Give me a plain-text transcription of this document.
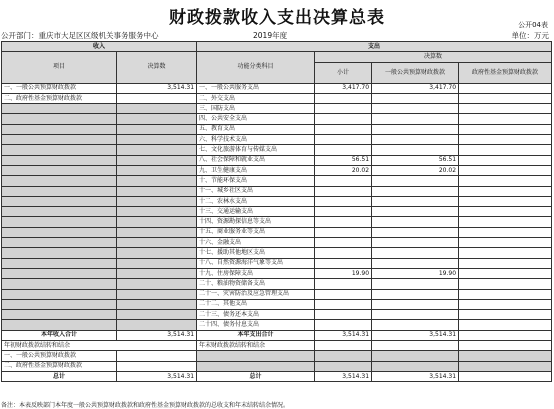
财政拨款收入支出决算总表	公开04表
公开部门：重庆市大足区区级机关事务服务中心	2019年度	单位：万元
收入		支出			
项目	决算数	功能分类科目	决算数		
			小计	一般公共预算财政拨款	政府性基金预算财政拨款
一、一般公共预算财政拨款	3,514.31	一、一般公共服务支出	3,417.70	3,417.70	
二、政府性基金预算财政拨款		二、外交支出			
		三、国防支出			
		四、公共安全支出			
		五、教育支出			
		六、科学技术支出			
		七、文化旅游体育与传媒支出			
		八、社会保障和就业支出	56.51	56.51	
		九、卫生健康支出	20.02	20.02	
		十、节能环保支出			
		十一、城乡社区支出			
		十二、农林水支出			
		十三、交通运输支出			
		十四、资源勘探信息等支出			
		十五、商业服务业等支出			
		十六、金融支出			
		十七、援助其他地区支出			
		十八、自然资源海洋气象等支出			
		十九、住房保障支出	19.90	19.90	
		二十、粮油物资储备支出			
		二十一、灾害防治及应急管理支出			
		二十二、其他支出			
		二十三、债务还本支出			
		二十四、债务付息支出			
本年收入合计	3,514.31	本年支出合计	3,514.31	3,514.31	
年初财政拨款结转和结余		年末财政拨款结转和结余			
一、一般公共预算财政拨款					
二、政府性基金预算财政拨款					
总计	3,514.31	总计	3,514.31	3,514.31	
备注：本表反映部门本年度一般公共预算财政拨款和政府性基金预算财政拨款的总收支和年末结转结余情况。
